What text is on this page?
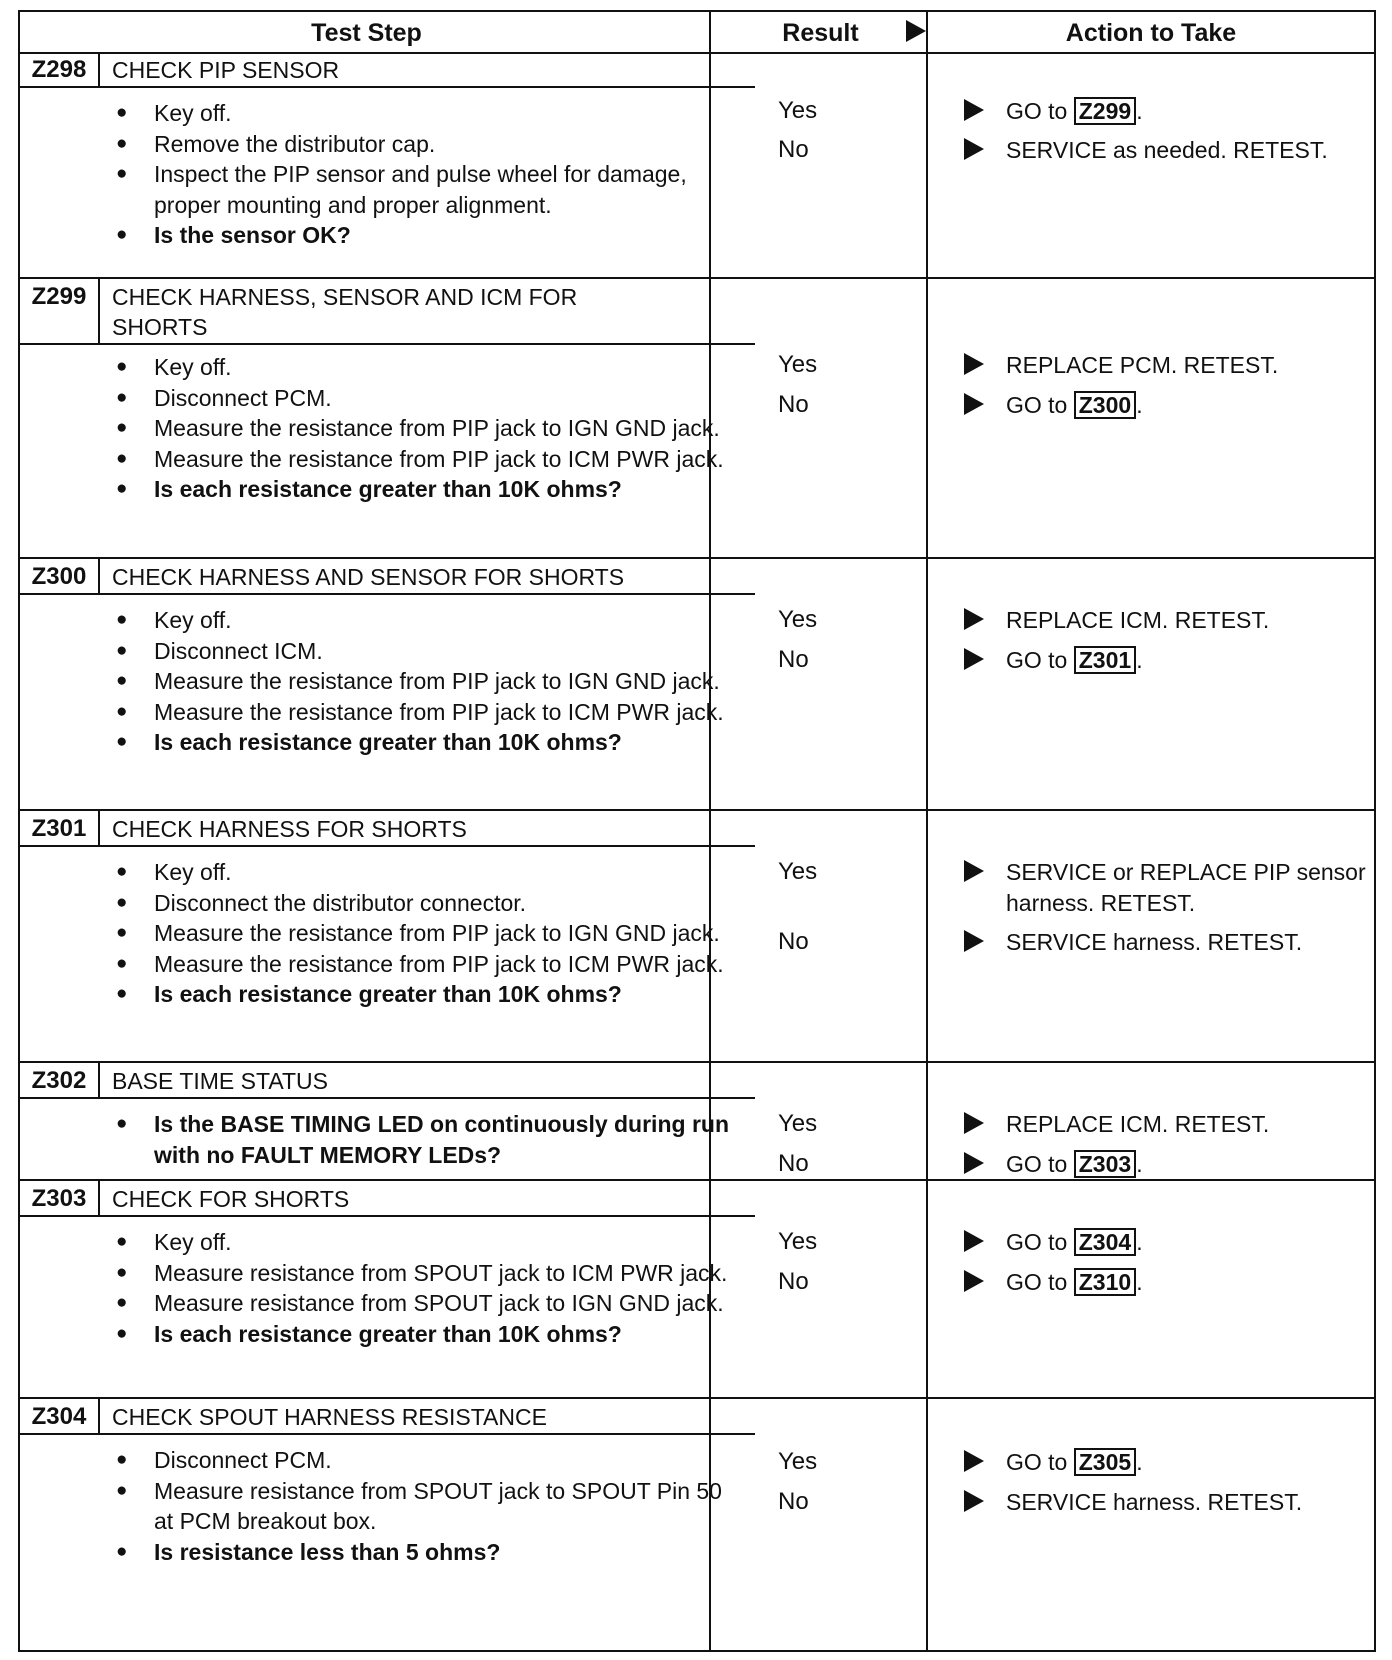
Test Step	Result	Action to Take
Z298	CHECK PIP SENSOR
● Key off.
● Remove the distributor cap.
● Inspect the PIP sensor and pulse wheel for damage, proper mounting and proper alignment.
● Is the sensor OK?
Yes	GO to Z299 .
No	SERVICE as needed. RETEST.
Z299	CHECK HARNESS, SENSOR AND ICM FOR SHORTS
● Key off.
● Disconnect PCM.
● Measure the resistance from PIP jack to IGN GND jack.
● Measure the resistance from PIP jack to ICM PWR jack.
● Is each resistance greater than 10K ohms?
Yes	REPLACE PCM. RETEST.
No	GO to Z300 .
Z300	CHECK HARNESS AND SENSOR FOR SHORTS
● Key off.
● Disconnect ICM.
● Measure the resistance from PIP jack to IGN GND jack.
● Measure the resistance from PIP jack to ICM PWR jack.
● Is each resistance greater than 10K ohms?
Yes	REPLACE ICM. RETEST.
No	GO to Z301 .
Z301	CHECK HARNESS FOR SHORTS
● Key off.
● Disconnect the distributor connector.
● Measure the resistance from PIP jack to IGN GND jack.
● Measure the resistance from PIP jack to ICM PWR jack.
● Is each resistance greater than 10K ohms?
Yes	SERVICE or REPLACE PIP sensor harness. RETEST.
No	SERVICE harness. RETEST.
Z302	BASE TIME STATUS
● Is the BASE TIMING LED on continuously during run with no FAULT MEMORY LEDs?
Yes	REPLACE ICM. RETEST.
No	GO to Z303 .
Z303	CHECK FOR SHORTS
● Key off.
● Measure resistance from SPOUT jack to ICM PWR jack.
● Measure resistance from SPOUT jack to IGN GND jack.
● Is each resistance greater than 10K ohms?
Yes	GO to Z304 .
No	GO to Z310 .
Z304	CHECK SPOUT HARNESS RESISTANCE
● Disconnect PCM.
● Measure resistance from SPOUT jack to SPOUT Pin 50 at PCM breakout box.
● Is resistance less than 5 ohms?
Yes	GO to Z305 .
No	SERVICE harness. RETEST.
